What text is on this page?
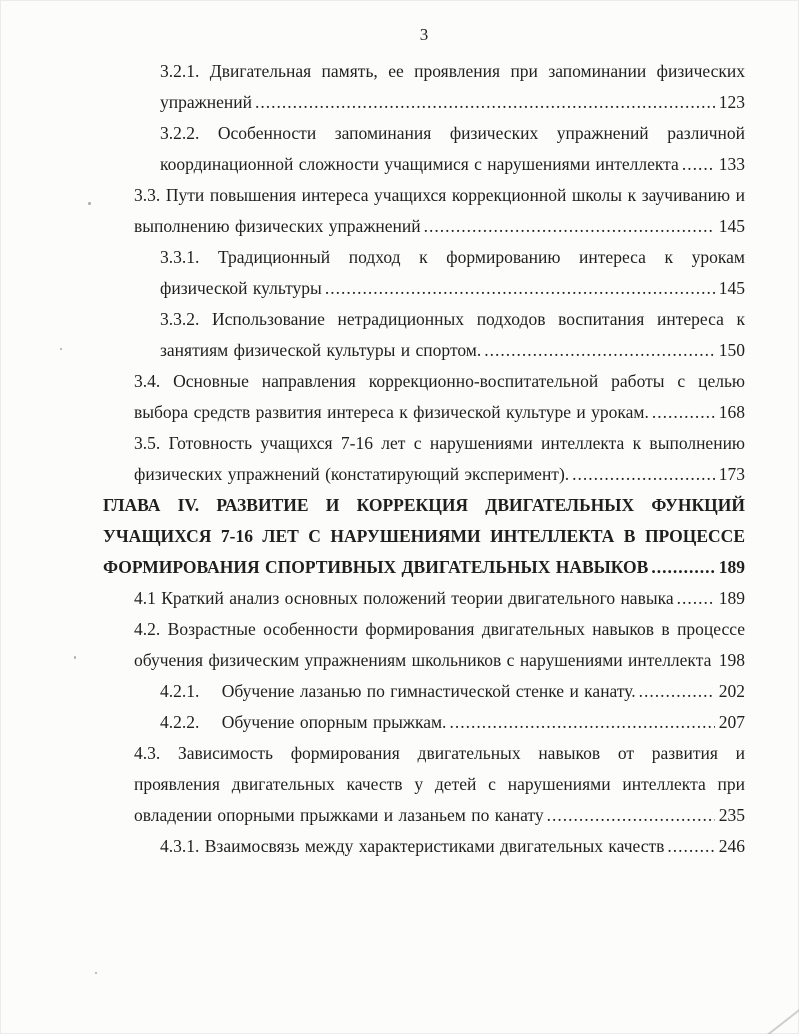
3

3.2.1. Двигательная память, ее проявления при запоминании физических упражнений .....	123

3.2.2. Особенности запоминания физических упражнений различной координационной сложности учащимися с нарушениями интеллекта ..... 133

3.3. Пути повышения интереса учащихся коррекционной школы к заучиванию и выполнению физических упражнений .....	145

3.3.1. Традиционный подход к формированию интереса к урокам физической культуры .....	145

3.3.2. Использование нетрадиционных подходов воспитания интереса к занятиям физической культуры и спортом. .....	150

3.4. Основные направления коррекционно-воспитательной работы с целью выбора средств развития интереса к физической культуре и урокам. .....	168

3.5. Готовность учащихся 7-16 лет с нарушениями интеллекта к выполнению физических упражнений (констатирующий эксперимент). .....	173

ГЛАВА IV. РАЗВИТИЕ И КОРРЕКЦИЯ ДВИГАТЕЛЬНЫХ ФУНКЦИЙ УЧАЩИХСЯ 7-16 ЛЕТ С НАРУШЕНИЯМИ ИНТЕЛЛЕКТА В ПРОЦЕССЕ ФОРМИРОВАНИЯ СПОРТИВНЫХ ДВИГАТЕЛЬНЫХ НАВЫКОВ .....	189

4.1 Краткий анализ основных положений теории двигательного навыка .....	189

4.2. Возрастные особенности формирования двигательных навыков в процессе обучения физическим упражнениям школьников с нарушениями интеллекта ..... 198

4.2.1. Обучение лазанью по гимнастической стенке и канату. .....	202

4.2.2. Обучение опорным прыжкам. .....	207

4.3. Зависимость формирования двигательных навыков от развития и проявления двигательных качеств у детей с нарушениями интеллекта при овладении опорными прыжками и лазаньем по канату .....	235

4.3.1. Взаимосвязь между характеристиками двигательных качеств .....	246
